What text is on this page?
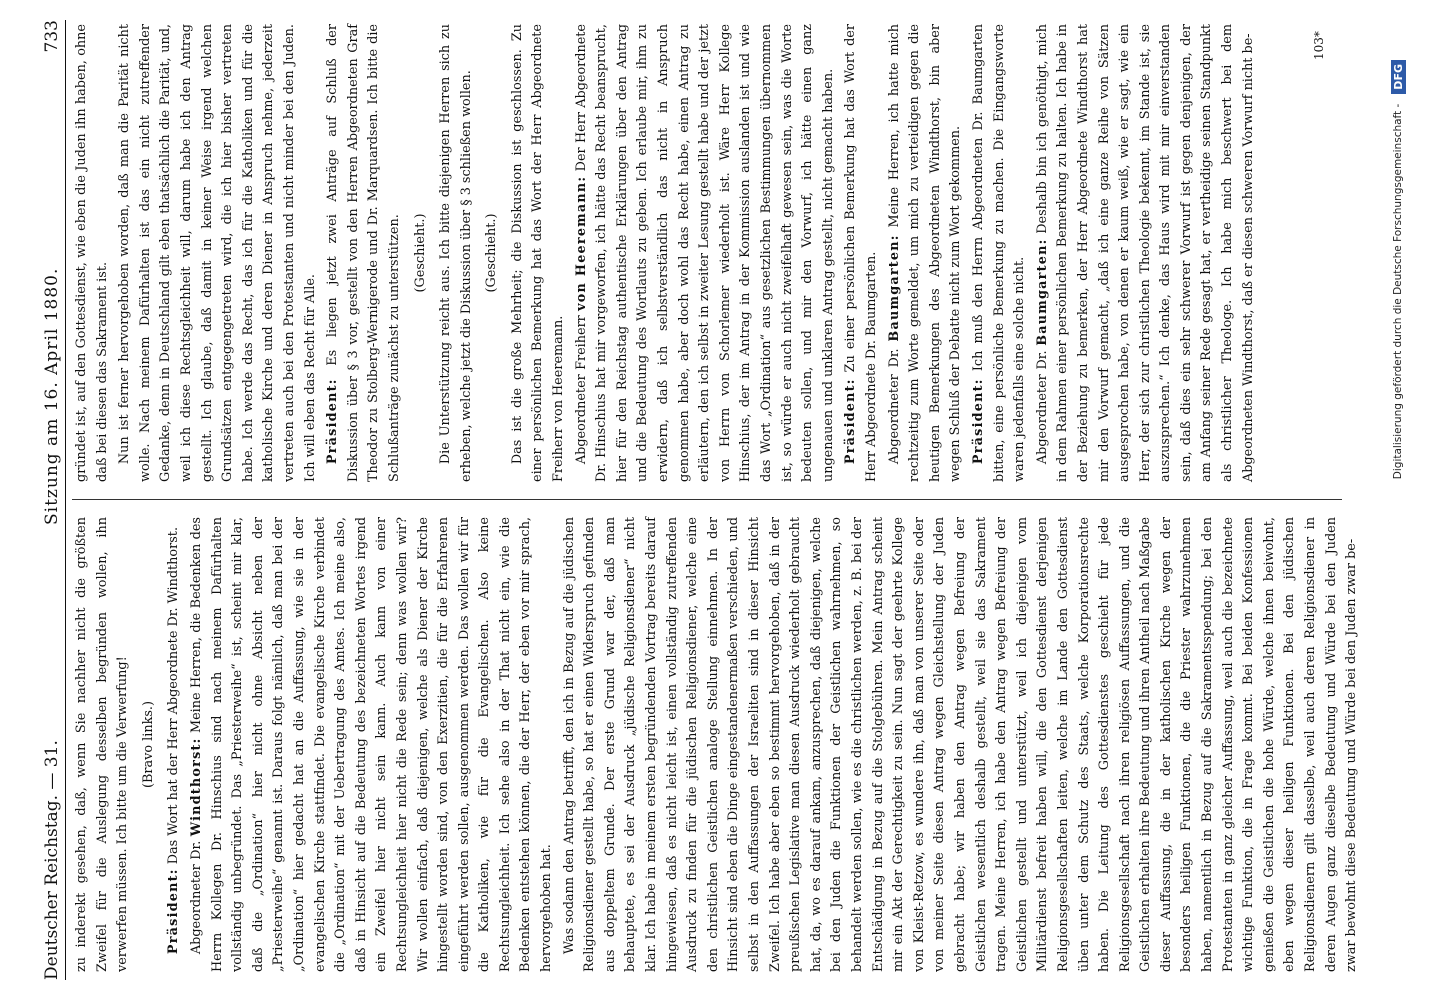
Deutscher Reichstag. — 31.
Sitzung am 16. April 1880.
733

zu inderekt gesehen, daß, wenn Sie nachher nicht die größten Zweifel für die Auslegung desselben begründen wollen, ihn verwerfen müssen. Ich bitte um die Verwerfung! (Bravo links.)

Präsident: Das Wort hat der Herr Abgeordnete Dr. Windthorst.

Abgeordneter Dr. Windthorst: Meine Herren, die Bedenken des Herrn Kollegen Dr. Hinschius sind nach meinem Dafürhalten vollständig unbegründet. Das „Priesterweihe“ ist, scheint mir klar, daß die „Ordination“ hier nicht ohne Absicht neben der „Priesterweihe“ genannt ist. Daraus folgt nämlich, daß man bei der „Ordination“ hier gedacht hat an die Auffassung, wie sie in der evangelischen Kirche stattfindet. Die evangelische Kirche verbindet die „Ordination“ mit der Uebertragung des Amtes. Ich meine also, daß in Hinsicht auf die Bedeutung des bezeichneten Wortes irgend ein Zweifel hier nicht sein kann. Auch kann von einer Rechtsungleichheit hier nicht die Rede sein; denn was wollen wir? Wir wollen einfach, daß diejenigen, welche als Diener der Kirche hingestellt worden sind, von den Exerzitien, die für die Erfahrenen eingeführt werden sollen, ausgenommen werden. Das wollen wir für die Katholiken, wie für die Evangelischen. Also keine Rechtsungleichheit. Ich sehe also in der That nicht ein, wie die Bedenken entstehen können, die der Herr, der eben vor mir sprach, hervorgehoben hat. Was sodann den Antrag betrifft, den ich in Bezug auf die jüdischen Religionsdiener gestellt habe, so hat er einen Widerspruch gefunden aus doppeltem Grunde. Der erste Grund war der, daß man behauptete, es sei der Ausdruck „jüdische Religionsdiener“ nicht klar. Ich habe in meinem ersten begründenden Vortrag bereits darauf hingewiesen, daß es nicht leicht ist, einen vollständig zutreffenden Ausdruck zu finden für die jüdischen Religionsdiener, welche eine den christlichen Geistlichen analoge Stellung einnehmen. In der Hinsicht sind eben die Dinge eingestandenermaßen verschieden, und selbst in den Auffassungen der Israeliten sind in dieser Hinsicht Zweifel. Ich habe aber eben so bestimmt hervorgehoben, daß in der preußischen Legislative man diesen Ausdruck wiederholt gebraucht hat, da, wo es darauf ankam, anzusprechen, daß diejenigen, welche bei den Juden die Funktionen der Geistlichen wahrnehmen, so behandelt werden sollen, wie es die christlichen werden, z. B. bei der Entschädigung in Bezug auf die Stolgebühren. Mein Antrag scheint mir ein Akt der Gerechtigkeit zu sein. Nun sagt der geehrte Kollege von Kleist-Retzow, es wundere ihn, daß man von unserer Seite oder von meiner Seite diesen Antrag wegen Gleichstellung der Juden gebracht habe; wir haben den Antrag wegen Befreiung der Geistlichen wesentlich deshalb gestellt, weil sie das Sakrament tragen. Meine Herren, ich habe den Antrag wegen Befreiung der Geistlichen gestellt und unterstützt, weil ich diejenigen vom Militärdienst befreit haben will, die den Gottesdienst derjenigen Religionsgesellschaften leiten, welche im Lande den Gottesdienst üben unter dem Schutz des Staats, welche Korporationsrechte haben. Die Leitung des Gottesdienstes geschieht für jede Religionsgesellschaft nach ihren religiösen Auffassungen, und die Geistlichen erhalten ihre Bedeutung und ihren Antheil nach Maßgabe dieser Auffassung, die in der katholischen Kirche wegen der besonders heiligen Funktionen, die die Priester wahrzunehmen haben, namentlich in Bezug auf die Sakramentsspendung; bei den Protestanten in ganz gleicher Auffassung, weil auch die bezeichnete wichtige Funktion, die in Frage kommt. Bei beiden Konfessionen genießen die Geistlichen die hohe Würde, welche ihnen beiwohnt, eben wegen dieser heiligen Funktionen. Bei den jüdischen Religionsdienern gilt dasselbe, weil auch deren Religionsdiener in deren Augen ganz dieselbe Bedeutung und Würde bei den Juden zwar bewohnt diese Bedeutung und Würde bei den Juden zwar be-

gründet ist, auf den Gottesdienst, wie eben die Juden ihn haben, ohne daß bei diesen das Sakrament ist. Nun ist ferner hervorgehoben worden, daß man die Parität nicht wolle. Nach meinem Dafürhalten ist das ein nicht zutreffender Gedanke, denn in Deutschland gilt eben thatsächlich die Parität, und, weil ich diese Rechtsgleichheit will, darum habe ich den Antrag gestellt. Ich glaube, daß damit in keiner Weise irgend welchen Grundsätzen entgegengetreten wird, die ich hier bisher vertreten habe. Ich werde das Recht, das ich für die Katholiken und für die katholische Kirche und deren Diener in Anspruch nehme, jederzeit vertreten auch bei den Protestanten und nicht minder bei den Juden. Ich will eben das Recht für Alle. Präsident: Es liegen jetzt zwei Anträge auf Schluß der Diskussion über § 3 vor, gestellt von den Herren Abgeordneten Graf Theodor zu Stolberg-Wernigerode und Dr. Marquardsen. Ich bitte die Schlußanträge zunächst zu unterstützen. (Geschieht.) Die Unterstützung reicht aus. Ich bitte diejenigen Herren sich zu erheben, welche jetzt die Diskussion über § 3 schließen wollen. (Geschieht.) Das ist die große Mehrheit; die Diskussion ist geschlossen. Zu einer persönlichen Bemerkung hat das Wort der Herr Abgeordnete Freiherr von Heeremann. Abgeordneter Freiherr von Heeremann: Der Herr Abgeordnete Dr. Hinschius hat mir vorgeworfen, ich hätte das Recht beansprucht, hier für den Reichstag authentische Erklärungen über den Antrag und die Bedeutung des Wortlauts zu geben. Ich erlaube mir, ihm zu erwidern, daß ich selbstverständlich das nicht in Anspruch genommen habe, aber doch wohl das Recht habe, einen Antrag zu erläutern, den ich selbst in zweiter Lesung gestellt habe und der jetzt von Herrn von Schorlemer wiederholt ist. Wäre Herr Kollege Hinschius, der im Antrag in der Kommission auslanden ist und wie das Wort „Ordination“ aus gesetzlichen Bestimmungen übernommen ist, so würde er auch nicht zweifelhaft gewesen sein, was die Worte bedeuten sollen, und mir den Vorwurf, ich hätte einen ganz ungenauen und unklaren Antrag gestellt, nicht gemacht haben. Präsident: Zu einer persönlichen Bemerkung hat das Wort der Herr Abgeordnete Dr. Baumgarten. Abgeordneter Dr. Baumgarten: Meine Herren, ich hatte mich rechtzeitig zum Worte gemeldet, um mich zu verteidigen gegen die heutigen Bemerkungen des Abgeordneten Windthorst, bin aber wegen Schluß der Debatte nicht zum Wort gekommen. Präsident: Ich muß den Herrn Abgeordneten Dr. Baumgarten bitten, eine persönliche Bemerkung zu machen. Die Eingangsworte waren jedenfalls eine solche nicht. Abgeordneter Dr. Baumgarten: Deshalb bin ich genöthigt, mich in dem Rahmen einer persönlichen Bemerkung zu halten. Ich habe in der Beziehung zu bemerken, der Herr Abgeordnete Windthorst hat mir den Vorwurf gemacht, „daß ich eine ganze Reihe von Sätzen ausgesprochen habe, von denen er kaum weiß, wie er sagt, wie ein Herr, der sich zur christlichen Theologie bekennt, im Stande ist, sie auszusprechen.“ Ich denke, das Haus wird mit mir einverstanden sein, daß dies ein sehr schwerer Vorwurf ist gegen denjenigen, der am Anfang seiner Rede gesagt hat, er vertheidige seinen Standpunkt als christlicher Theologe. Ich habe mich beschwert bei dem Abgeordneten Windthorst, daß er diesen schweren Vorwurf nicht be-	103*
Digitalisierung gefördert durch die Deutsche Forschungsgemeinschaft -
DFG
